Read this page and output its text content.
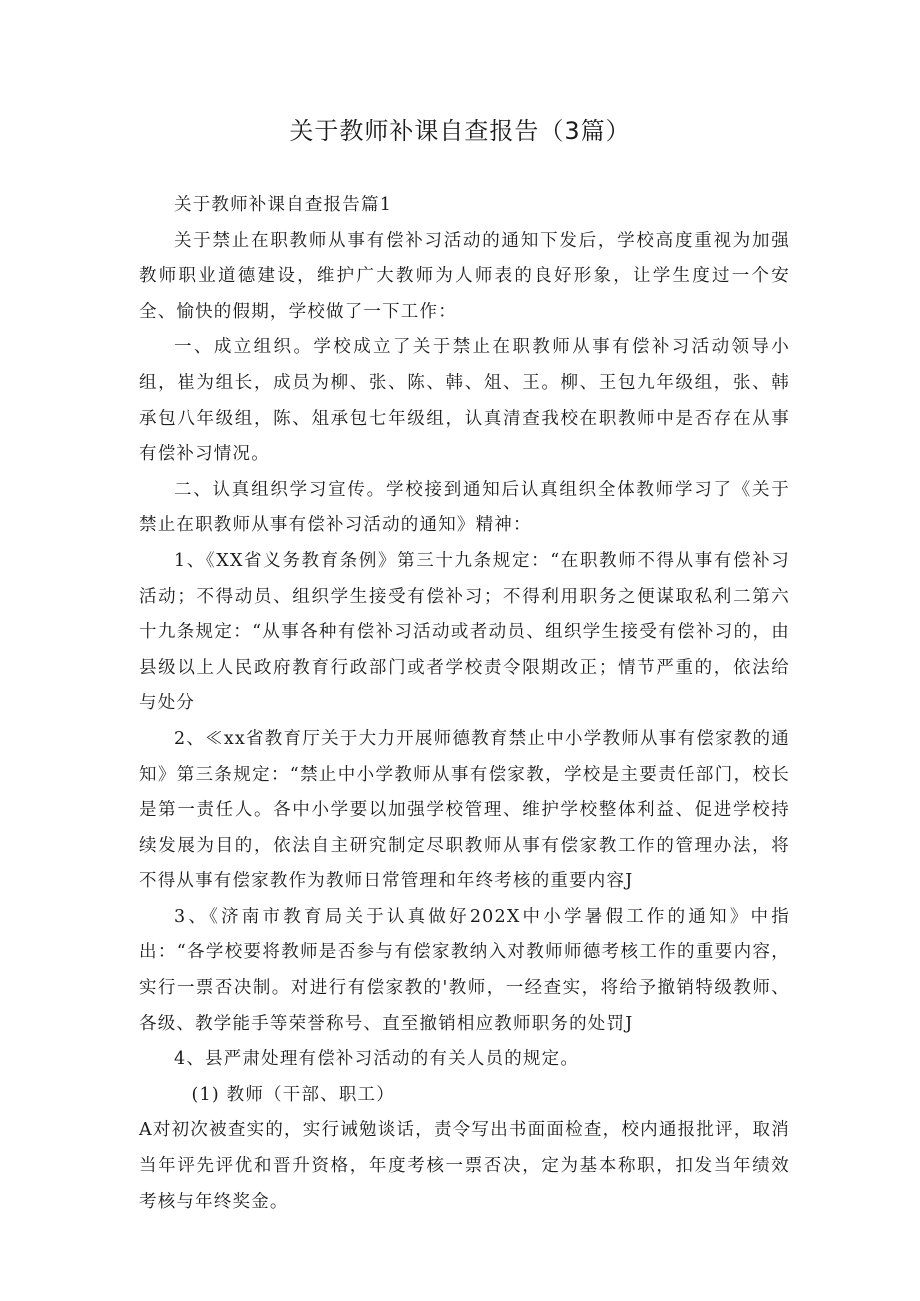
关于教师补课自查报告（3篇）

关于教师补课自查报告篇1

关于禁止在职教师从事有偿补习活动的通知下发后，学校高度重视为加强教师职业道德建设，维护广大教师为人师表的良好形象，让学生度过一个安全、愉快的假期，学校做了一下工作：

一、成立组织。学校成立了关于禁止在职教师从事有偿补习活动领导小组，崔为组长，成员为柳、张、陈、韩、俎、王。柳、王包九年级组，张、韩承包八年级组，陈、俎承包七年级组，认真清查我校在职教师中是否存在从事有偿补习情况。

二、认真组织学习宣传。学校接到通知后认真组织全体教师学习了《关于禁止在职教师从事有偿补习活动的通知》精神：

1、《XX省义务教育条例》第三十九条规定：“在职教师不得从事有偿补习活动；不得动员、组织学生接受有偿补习；不得利用职务之便谋取私利二第六十九条规定：“从事各种有偿补习活动或者动员、组织学生接受有偿补习的，由县级以上人民政府教育行政部门或者学校责令限期改正；情节严重的，依法给与处分

2、≪xx省教育厅关于大力开展师德教育禁止中小学教师从事有偿家教的通知》第三条规定：“禁止中小学教师从事有偿家教，学校是主要责任部门，校长是第一责任人。各中小学要以加强学校管理、维护学校整体利益、促进学校持续发展为目的，依法自主研究制定尽职教师从事有偿家教工作的管理办法，将不得从事有偿家教作为教师日常管理和年终考核的重要内容J

3、《济南市教育局关于认真做好202X中小学暑假工作的通知》中指出：“各学校要将教师是否参与有偿家教纳入对教师师德考核工作的重要内容，实行一票否决制。对进行有偿家教的'教师，一经查实，将给予撤销特级教师、各级、教学能手等荣誉称号、直至撤销相应教师职务的处罚J

4、县严肃处理有偿补习活动的有关人员的规定。

(1) 教师（干部、职工）

A对初次被查实的，实行诫勉谈话，责令写出书面面检查，校内通报批评，取消当年评先评优和晋升资格，年度考核一票否决，定为基本称职，扣发当年绩效考核与年终奖金。
